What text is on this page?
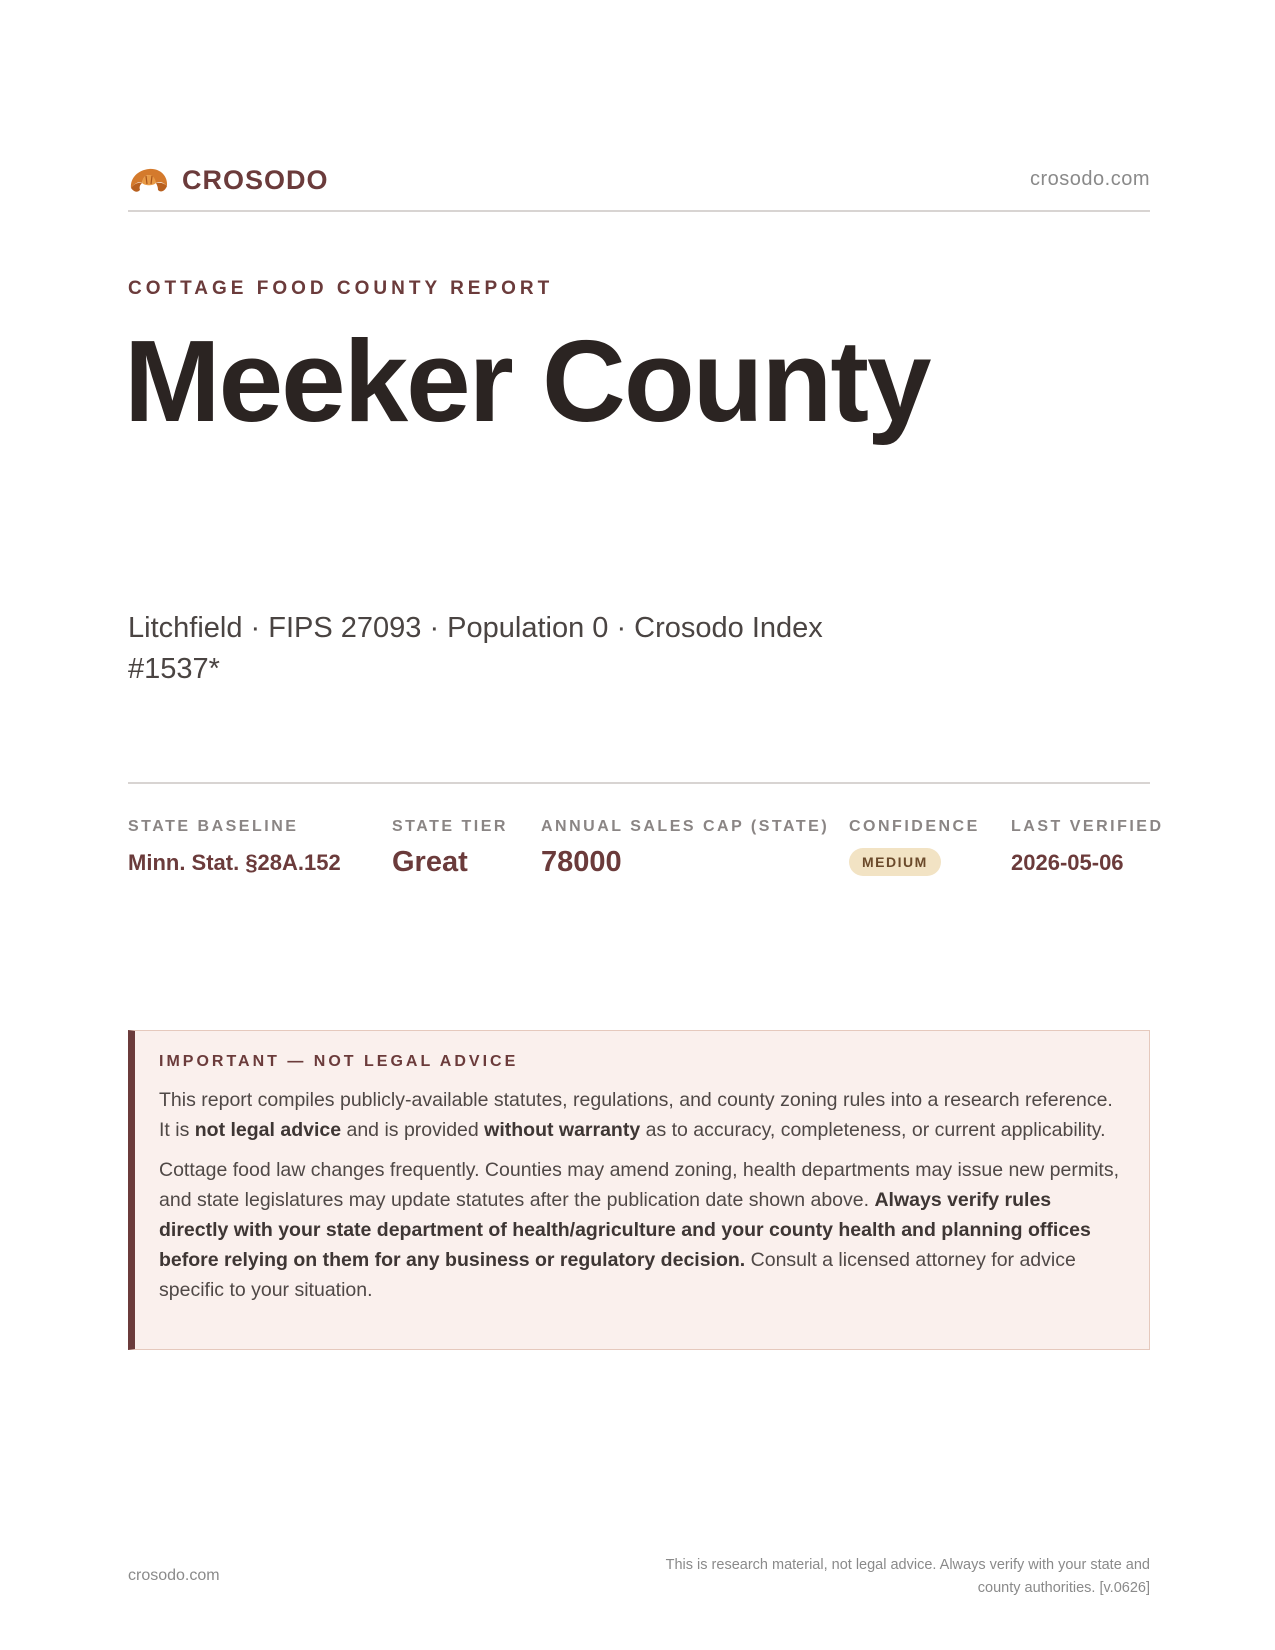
CROSODO	crosodo.com
COTTAGE FOOD COUNTY REPORT
Meeker County
Litchfield · FIPS 27093 · Population 0 · Crosodo Index #1537*
STATE BASELINE
Minn. Stat. §28A.152
STATE TIER
Great
ANNUAL SALES CAP (STATE)
78000
CONFIDENCE
MEDIUM
LAST VERIFIED
2026-05-06
IMPORTANT — NOT LEGAL ADVICE

This report compiles publicly-available statutes, regulations, and county zoning rules into a research reference. It is not legal advice and is provided without warranty as to accuracy, completeness, or current applicability.

Cottage food law changes frequently. Counties may amend zoning, health departments may issue new permits, and state legislatures may update statutes after the publication date shown above. Always verify rules directly with your state department of health/agriculture and your county health and planning offices before relying on them for any business or regulatory decision. Consult a licensed attorney for advice specific to your situation.

crosodo.com
This is research material, not legal advice. Always verify with your state and county authorities. [v.0626]
